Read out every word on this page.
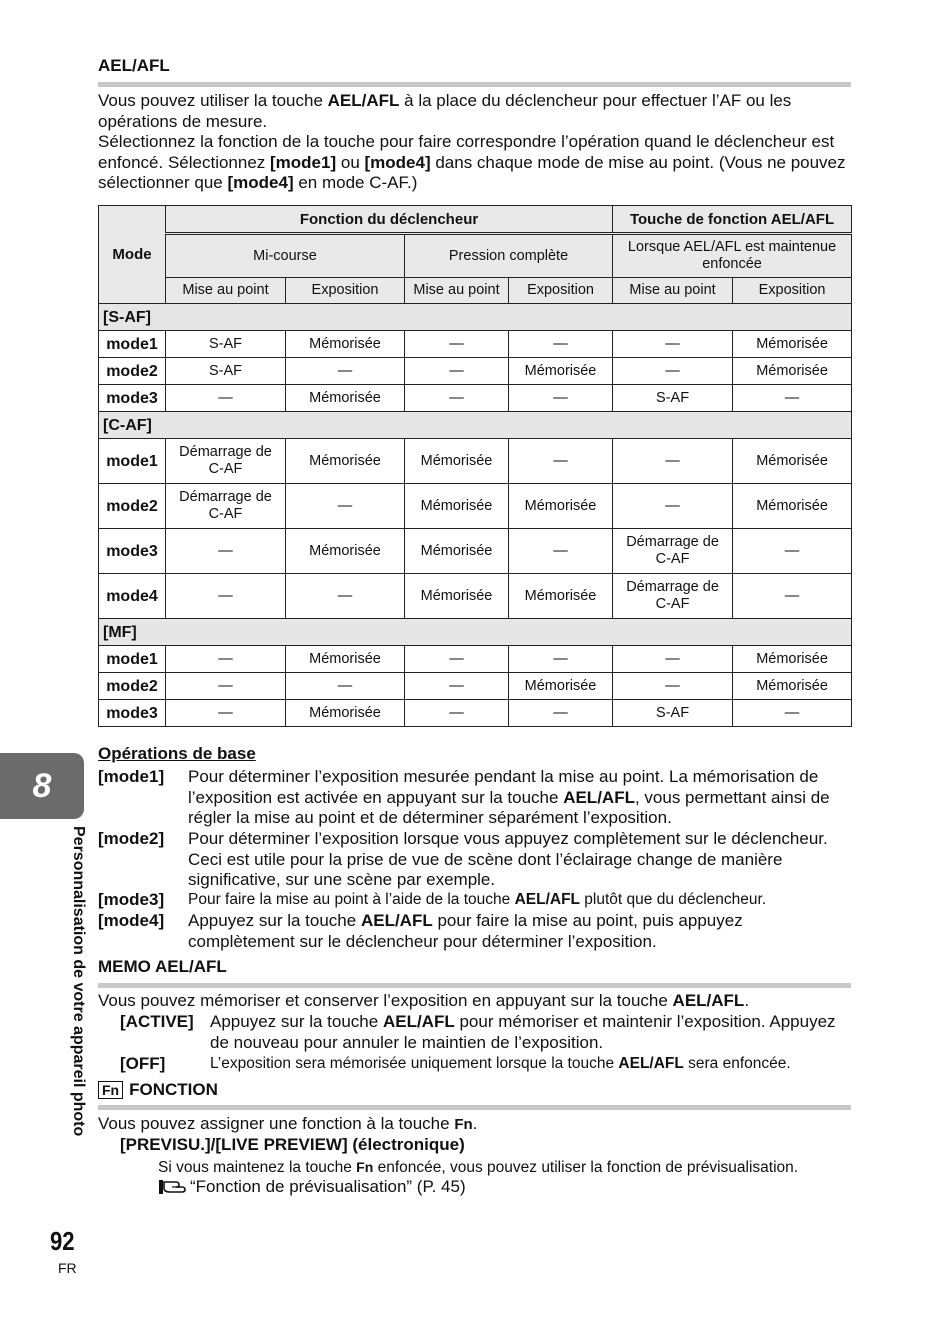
AEL/AFL
Vous pouvez utiliser la touche AEL/AFL à la place du déclencheur pour effectuer l’AF ou les opérations de mesure.
Sélectionnez la fonction de la touche pour faire correspondre l’opération quand le déclencheur est enfoncé. Sélectionnez [mode1] ou [mode4] dans chaque mode de mise au point. (Vous ne pouvez sélectionner que [mode4] en mode C-AF.)
Mode	Fonction du déclencheur				Touche de fonction AEL/AFL	
	Mi-course		Pression complète		Lorsque AEL/AFL est maintenue enfoncée	
	Mise au point	Exposition	Mise au point	Exposition	Mise au point	Exposition
[S-AF]						
mode1	S-AF	Mémorisée	—	—	—	Mémorisée
mode2	S-AF	—	—	Mémorisée	—	Mémorisée
mode3	—	Mémorisée	—	—	S-AF	—
[C-AF]						
mode1	Démarrage de C-AF	Mémorisée	Mémorisée	—	—	Mémorisée
mode2	Démarrage de C-AF	—	Mémorisée	Mémorisée	—	Mémorisée
mode3	—	Mémorisée	Mémorisée	—	Démarrage de C-AF	—
mode4	—	—	Mémorisée	Mémorisée	Démarrage de C-AF	—
[MF]						
mode1	—	Mémorisée	—	—	—	Mémorisée
mode2	—	—	—	Mémorisée	—	Mémorisée
mode3	—	Mémorisée	—	—	S-AF	—
Opérations de base
[mode1] Pour déterminer l’exposition mesurée pendant la mise au point. La mémorisation de l’exposition est activée en appuyant sur la touche AEL/AFL, vous permettant ainsi de régler la mise au point et de déterminer séparément l’exposition.
[mode2] Pour déterminer l’exposition lorsque vous appuyez complètement sur le déclencheur. Ceci est utile pour la prise de vue de scène dont l’éclairage change de manière significative, sur une scène par exemple.
[mode3] Pour faire la mise au point à l’aide de la touche AEL/AFL plutôt que du déclencheur.
[mode4] Appuyez sur la touche AEL/AFL pour faire la mise au point, puis appuyez complètement sur le déclencheur pour déterminer l’exposition.
MEMO AEL/AFL
Vous pouvez mémoriser et conserver l’exposition en appuyant sur la touche AEL/AFL.
[ACTIVE] Appuyez sur la touche AEL/AFL pour mémoriser et maintenir l’exposition. Appuyez de nouveau pour annuler le maintien de l’exposition.
[OFF]	L’exposition sera mémorisée uniquement lorsque la touche AEL/AFL sera enfoncée.
Fn FONCTION
Vous pouvez assigner une fonction à la touche Fn.
[PREVISU.]/[LIVE PREVIEW] (électronique)
Si vous maintenez la touche Fn enfoncée, vous pouvez utiliser la fonction de prévisualisation.
“Fonction de prévisualisation” (P. 45)
8
Personnalisation de votre appareil photo
92
FR
